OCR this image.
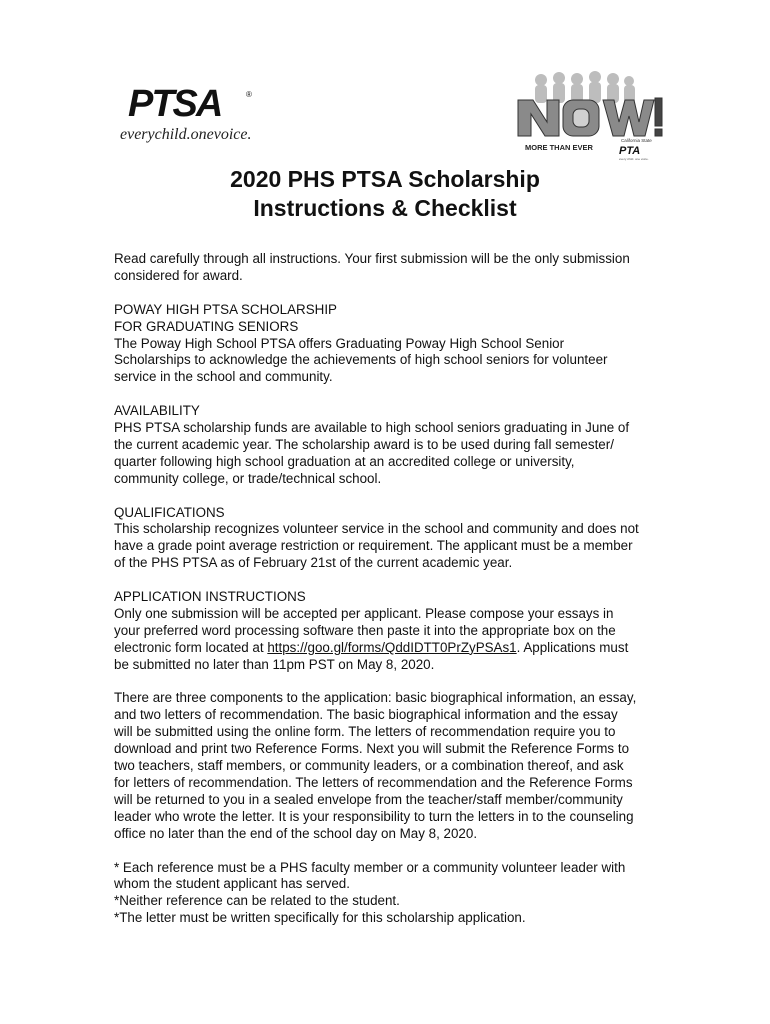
PTSA	®
everychild.onevoice.
MORE THAN EVER
California State
PTA
every child. one voice.
2020 PHS PTSA Scholarship
Instructions & Checklist

Read carefully through all instructions. Your first submission will be the only submission
considered for award.

POWAY HIGH PTSA SCHOLARSHIP
FOR GRADUATING SENIORS
The Poway High School PTSA offers Graduating Poway High School Senior
Scholarships to acknowledge the achievements of high school seniors for volunteer
service in the school and community.

AVAILABILITY
PHS PTSA scholarship funds are available to high school seniors graduating in June of
the current academic year. The scholarship award is to be used during fall semester/
quarter following high school graduation at an accredited college or university,
community college, or trade/technical school.

QUALIFICATIONS
This scholarship recognizes volunteer service in the school and community and does not
have a grade point average restriction or requirement. The applicant must be a member
of the PHS PTSA as of February 21st of the current academic year.

APPLICATION INSTRUCTIONS
Only one submission will be accepted per applicant. Please compose your essays in
your preferred word processing software then paste it into the appropriate box on the
electronic form located at https://goo.gl/forms/QddIDTT0PrZyPSAs1. Applications must
be submitted no later than 11pm PST on May 8, 2020.

There are three components to the application: basic biographical information, an essay,
and two letters of recommendation. The basic biographical information and the essay
will be submitted using the online form. The letters of recommendation require you to
download and print two Reference Forms. Next you will submit the Reference Forms to
two teachers, staff members, or community leaders, or a combination thereof, and ask
for letters of recommendation. The letters of recommendation and the Reference Forms
will be returned to you in a sealed envelope from the teacher/staff member/community
leader who wrote the letter. It is your responsibility to turn the letters in to the counseling
office no later than the end of the school day on May 8, 2020.

* Each reference must be a PHS faculty member or a community volunteer leader with
whom the student applicant has served.
*Neither reference can be related to the student.
*The letter must be written specifically for this scholarship application.
